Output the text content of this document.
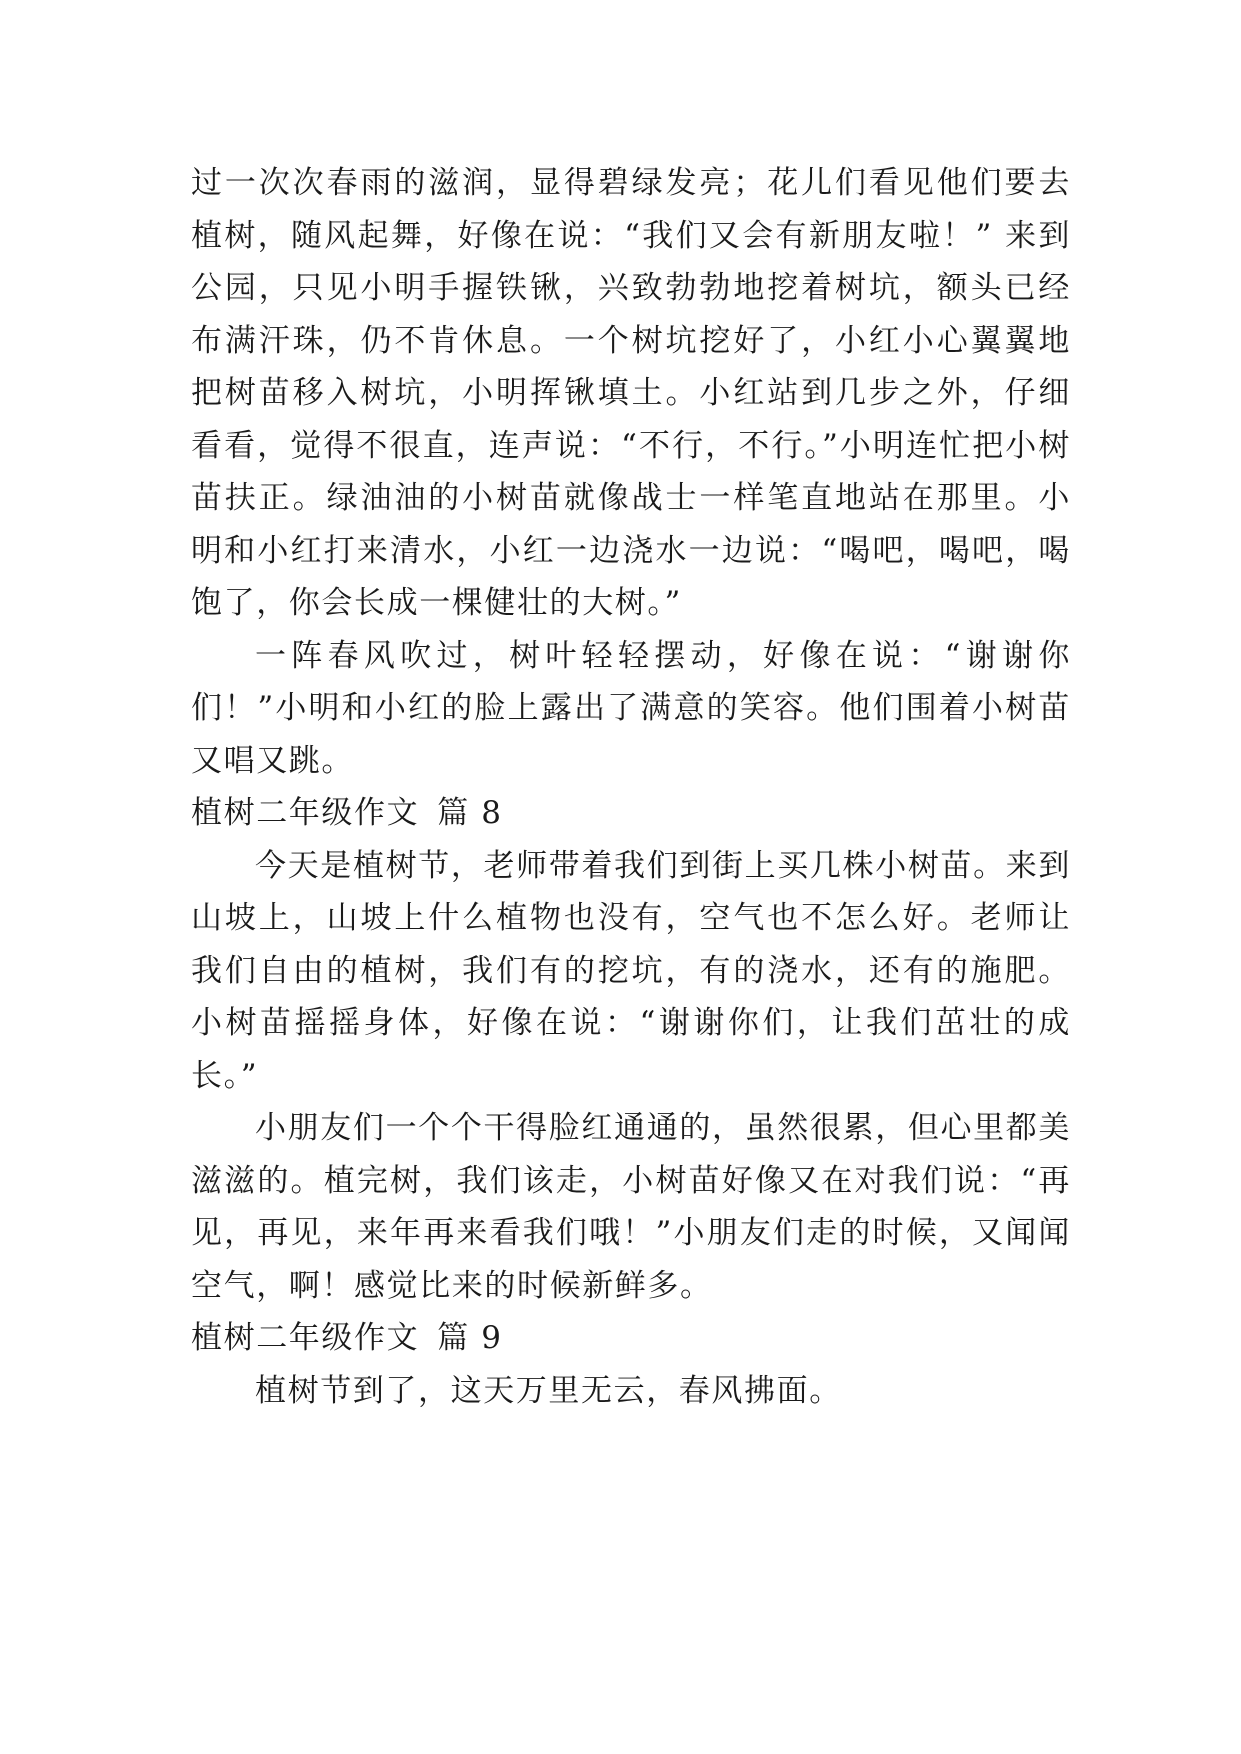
过一次次春雨的滋润，显得碧绿发亮；花儿们看见他们要去植树，随风起舞，好像在说：“我们又会有新朋友啦！” 来到公园，只见小明手握铁锹，兴致勃勃地挖着树坑，额头已经布满汗珠，仍不肯休息。一个树坑挖好了，小红小心翼翼地把树苗移入树坑，小明挥锹填土。小红站到几步之外，仔细看看，觉得不很直，连声说：“不行，不行。”小明连忙把小树苗扶正。绿油油的小树苗就像战士一样笔直地站在那里。小明和小红打来清水，小红一边浇水一边说：“喝吧，喝吧，喝饱了，你会长成一棵健壮的大树。”

一阵春风吹过，树叶轻轻摆动，好像在说：“谢谢你们！”小明和小红的脸上露出了满意的笑容。他们围着小树苗又唱又跳。

植树二年级作文 篇 8

今天是植树节，老师带着我们到街上买几株小树苗。来到山坡上，山坡上什么植物也没有，空气也不怎么好。老师让我们自由的植树，我们有的挖坑，有的浇水，还有的施肥。小树苗摇摇身体，好像在说：“谢谢你们，让我们茁壮的成长。”

小朋友们一个个干得脸红通通的，虽然很累，但心里都美滋滋的。植完树，我们该走，小树苗好像又在对我们说：“再见，再见，来年再来看我们哦！”小朋友们走的时候，又闻闻空气，啊！感觉比来的时候新鲜多。

植树二年级作文 篇 9

植树节到了，这天万里无云，春风拂面。
